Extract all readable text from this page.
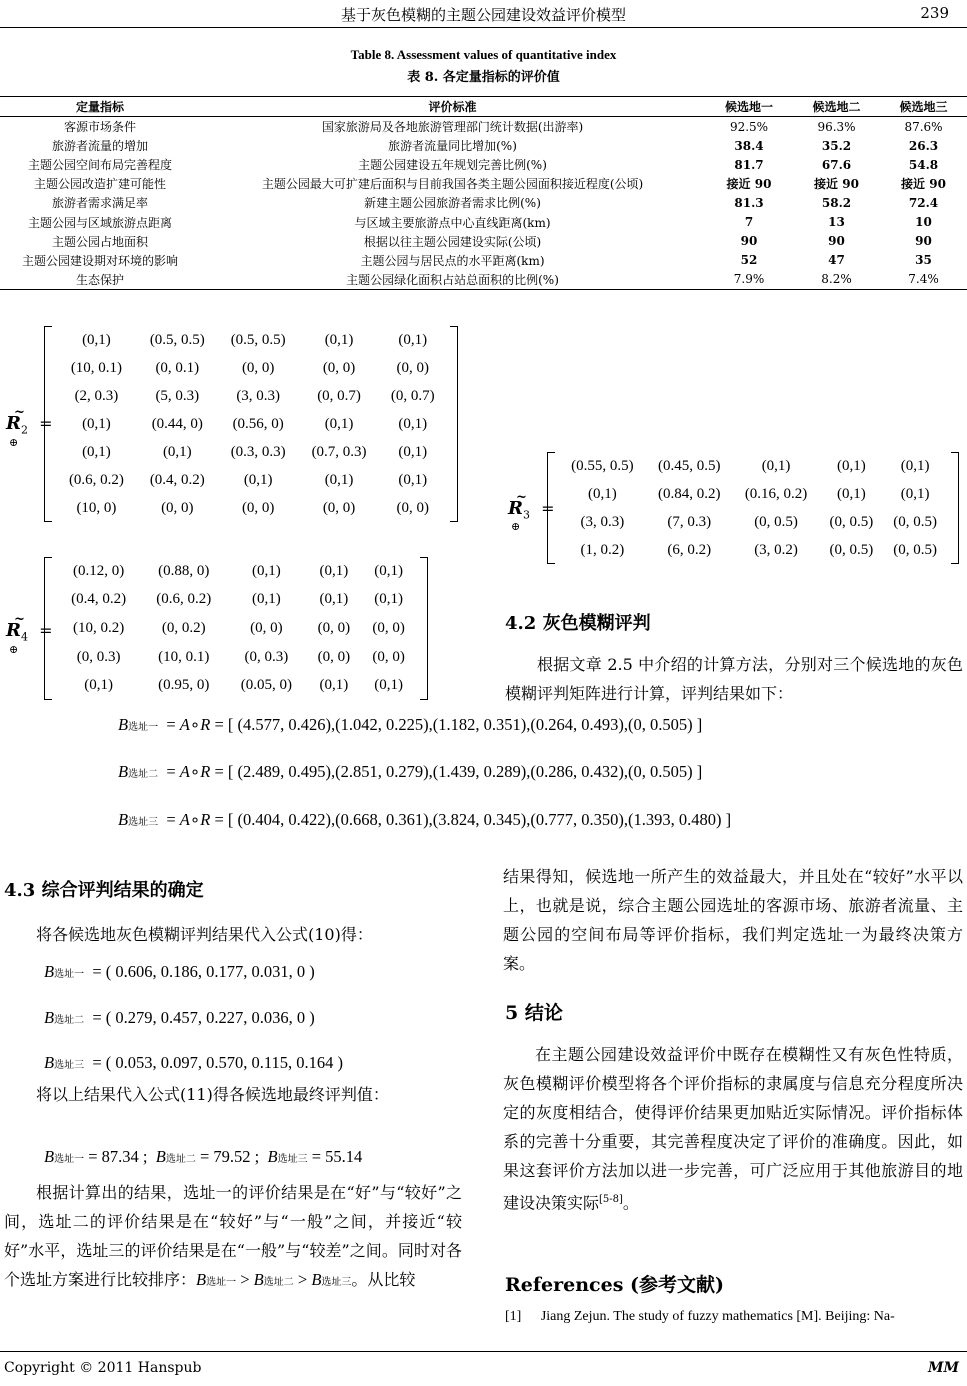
基于灰色模糊的主题公园建设效益评价模型	239
Table 8. Assessment values of quantitative index
表 8. 各定量指标的评价值
定量指标	评价标准	候选地一	候选地二	候选地三
客源市场条件	国家旅游局及各地旅游管理部门统计数据(出游率)	92.5%	96.3%	87.6%
旅游者流量的增加	旅游者流量同比增加(%)	38.4	35.2	26.3
主题公园空间布局完善程度	主题公园建设五年规划完善比例(%)	81.7	67.6	54.8
主题公园改造扩建可能性	主题公园最大可扩建后面积与目前我国各类主题公园面积接近程度(公顷)	接近 90	接近 90	接近 90
旅游者需求满足率	新建主题公园旅游者需求比例(%)	81.3	58.2	72.4
主题公园与区域旅游点距离	与区域主要旅游点中心直线距离(km)	7	13	10
主题公园占地面积	根据以往主题公园建设实际(公顷)	90	90	90
主题公园建设期对环境的影响	主题公园与居民点的水平距离(km)	52	47	35
生态保护	主题公园绿化面积占站总面积的比例(%)	7.9%	8.2%	7.4%
$R_2$ =
~
⊕
(0,1)	(0.5, 0.5)	(0.5, 0.5)	(0,1)	(0,1)
(10, 0.1)	(0, 0.1)	(0, 0)	(0, 0)	(0, 0)
(2, 0.3)	(5, 0.3)	(3, 0.3)	(0, 0.7)	(0, 0.7)
(0,1)	(0.44, 0)	(0.56, 0)	(0,1)	(0,1)
(0,1)	(0,1)	(0.3, 0.3)	(0.7, 0.3)	(0,1)
(0.6, 0.2)	(0.4, 0.2)	(0,1)	(0,1)	(0,1)
(10, 0)	(0, 0)	(0, 0)	(0, 0)	(0, 0)	$R_3$ =
~
⊕
(0.55, 0.5)	(0.45, 0.5)	(0,1)	(0,1)	(0,1)
(0,1)	(0.84, 0.2)	(0.16, 0.2)	(0,1)	(0,1)
(3, 0.3)	(7, 0.3)	(0, 0.5)	(0, 0.5)	(0, 0.5)
(1, 0.2)	(6, 0.2)	(3, 0.2)	(0, 0.5)	(0, 0.5)
$R_4$ =
~
⊕
(0.12, 0)	(0.88, 0)	(0,1)	(0,1)	(0,1)
(0.4, 0.2)	(0.6, 0.2)	(0,1)	(0,1)	(0,1)
(10, 0.2)	(0, 0.2)	(0, 0)	(0, 0)	(0, 0)
(0, 0.3)	(10, 0.1)	(0, 0.3)	(0, 0)	(0, 0)
(0,1)	(0.95, 0)	(0.05, 0)	(0,1)	(0,1)
4.2 灰色模糊评判
根据文章 2.5 中介绍的计算方法，分别对三个候选地的灰色模糊评判矩阵进行计算，评判结果如下：
B选址一  = A∘R = [ (4.577, 0.426),(1.042, 0.225),(1.182, 0.351),(0.264, 0.493),(0, 0.505) ]
B选址二  = A∘R = [ (2.489, 0.495),(2.851, 0.279),(1.439, 0.289),(0.286, 0.432),(0, 0.505) ]
B选址三  = A∘R = [ (0.404, 0.422),(0.668, 0.361),(3.824, 0.345),(0.777, 0.350),(1.393, 0.480) ]
4.3 综合评判结果的确定
将各候选地灰色模糊评判结果代入公式(10)得：
B选址一  = ( 0.606, 0.186, 0.177, 0.031, 0 )
B选址二  = ( 0.279, 0.457, 0.227, 0.036, 0 )
B选址三  = ( 0.053, 0.097, 0.570, 0.115, 0.164 )
将以上结果代入公式(11)得各候选地最终评判值：
B选址一 = 87.34 ;  B选址二 = 79.52 ;  B选址三 = 55.14
根据计算出的结果，选址一的评价结果是在“好”与“较好”之间，选址二的评价结果是在“较好”与“一般”之间，并接近“较好”水平，选址三的评价结果是在“一般”与“较差”之间。同时对各个选址方案进行比较排序：B选址一 > B选址二 > B选址三。从比较
结果得知，候选地一所产生的效益最大，并且处在“较好”水平以上，也就是说，综合主题公园选址的客源市场、旅游者流量、主题公园的空间布局等评价指标，我们判定选址一为最终决策方案。
5 结论
在主题公园建设效益评价中既存在模糊性又有灰色性特质，灰色模糊评价模型将各个评价指标的隶属度与信息充分程度所决定的灰度相结合，使得评价结果更加贴近实际情况。评价指标体系的完善十分重要，其完善程度决定了评价的准确度。因此，如果这套评价方法加以进一步完善，可广泛应用于其他旅游目的地建设决策实际[5-8]。
References (参考文献)
[1] Jiang Zejun. The study of fuzzy mathematics [M]. Beijing: Na-
Copyright © 2011 Hanspub	MM
